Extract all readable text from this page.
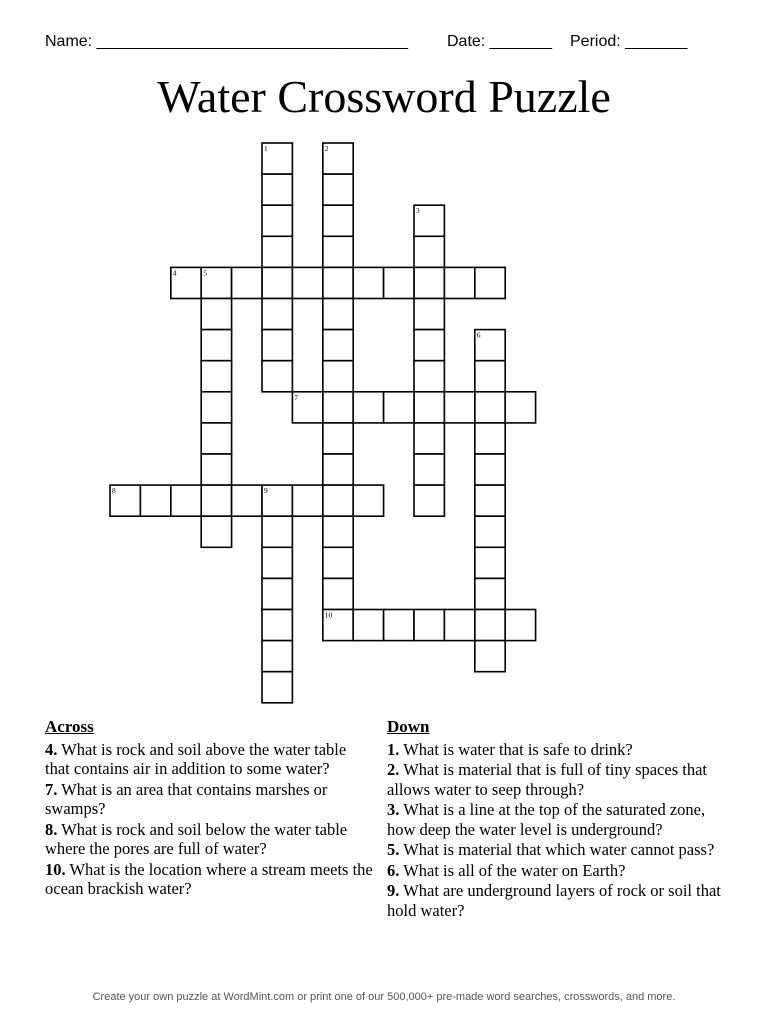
Name: ___________________________________ Date: _______ Period: _______
Water Crossword Puzzle
1	2
3
4	5
6
7
8	9
10
Across
4. What is rock and soil above the water table that contains air in addition to some water?
7. What is an area that contains marshes or swamps?
8. What is rock and soil below the water table where the pores are full of water?
10. What is the location where a stream meets the ocean brackish water?
Down
1. What is water that is safe to drink?
2. What is material that is full of tiny spaces that allows water to seep through?
3. What is a line at the top of the saturated zone, how deep the water level is underground?
5. What is material that which water cannot pass?
6. What is all of the water on Earth?
9. What are underground layers of rock or soil that hold water?
Create your own puzzle at WordMint.com or print one of our 500,000+ pre-made word searches, crosswords, and more.
